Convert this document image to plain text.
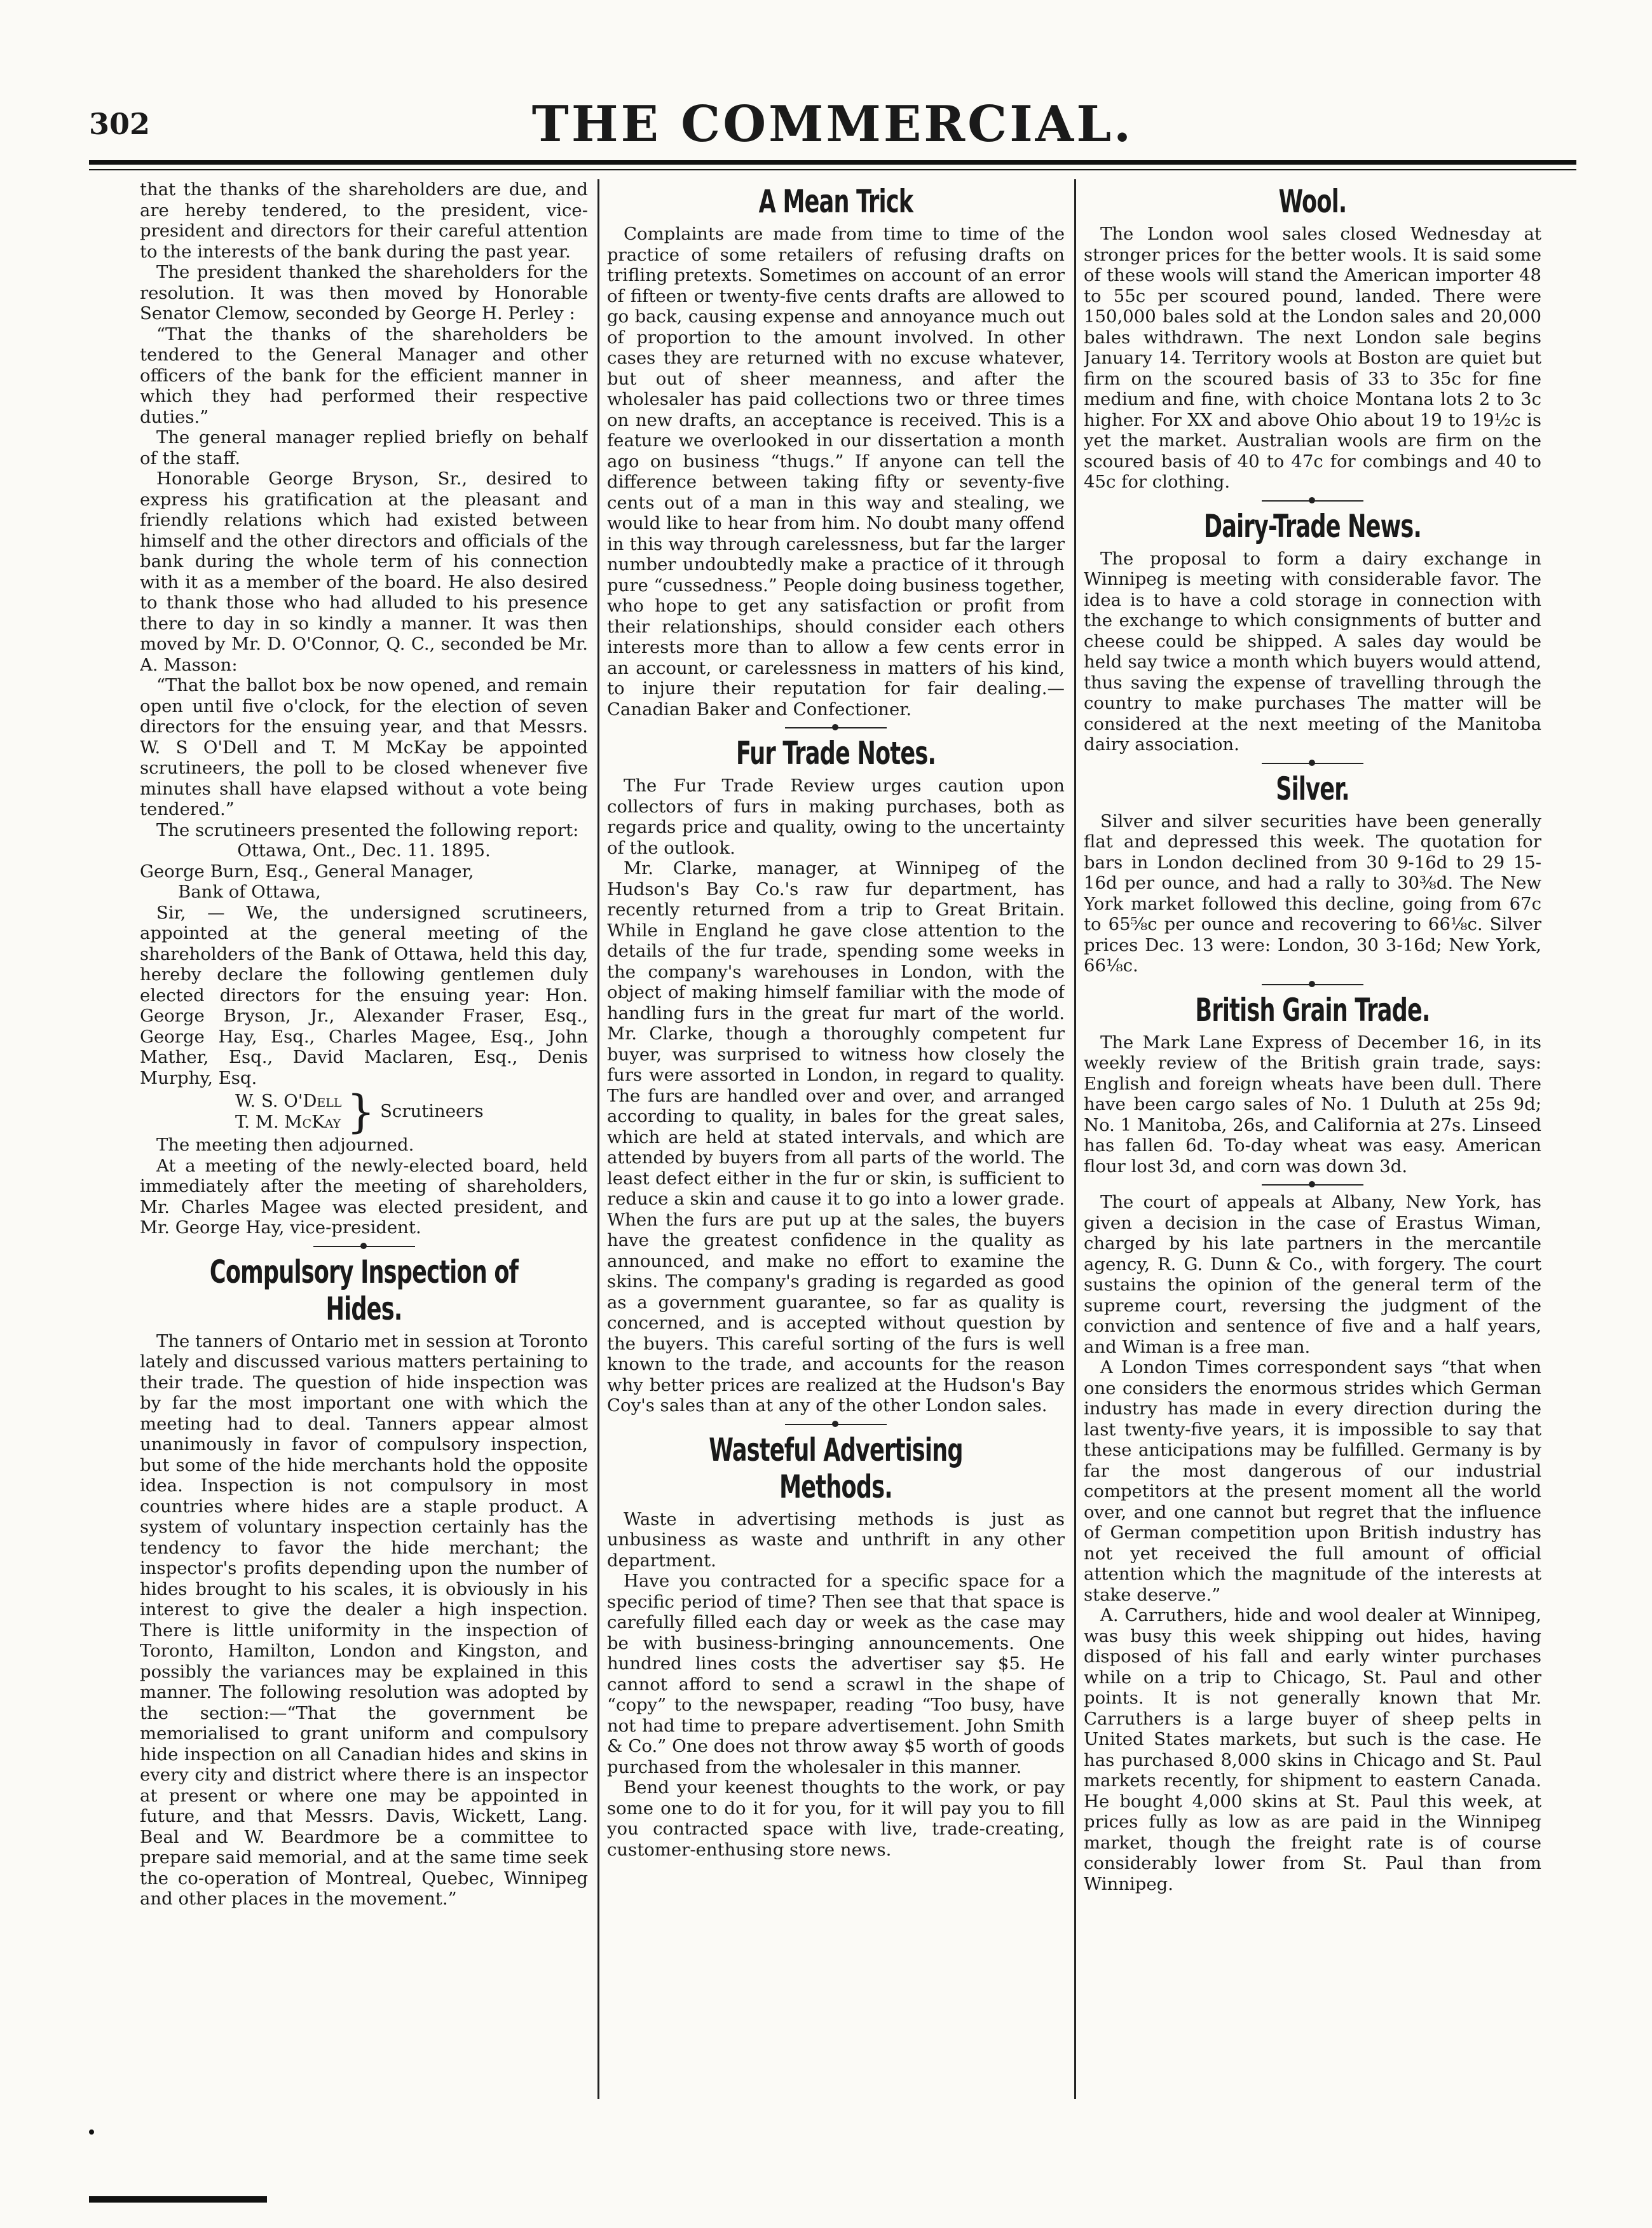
302	THE COMMERCIAL.

that the thanks of the shareholders are due, and are hereby tendered, to the president, vice-president and directors for their careful attention to the interests of the bank during the past year.

The president thanked the shareholders for the resolution. It was then moved by Honorable Senator Clemow, seconded by George H. Perley :

“That the thanks of the shareholders be tendered to the General Manager and other officers of the bank for the efficient manner in which they had performed their respective duties.”

The general manager replied briefly on behalf of the staff.

Honorable George Bryson, Sr., desired to express his gratification at the pleasant and friendly relations which had existed between himself and the other directors and officials of the bank during the whole term of his connection with it as a member of the board. He also desired to thank those who had alluded to his presence there to day in so kindly a manner. It was then moved by Mr. D. O'Connor, Q. C., seconded be Mr. A. Masson:

“That the ballot box be now opened, and remain open until five o'clock, for the election of seven directors for the ensuing year, and that Messrs. W. S O'Dell and T. M McKay be appointed scrutineers, the poll to be closed whenever five minutes shall have elapsed without a vote being tendered.”

The scrutineers presented the following report:

Ottawa, Ont., Dec. 11. 1895.

George Burn, Esq., General Manager,

Bank of Ottawa,

Sir, — We, the undersigned scrutineers, appointed at the general meeting of the shareholders of the Bank of Ottawa, held this day, hereby declare the following gentlemen duly elected directors for the ensuing year: Hon. George Bryson, Jr., Alexander Fraser, Esq., George Hay, Esq., Charles Magee, Esq., John Mather, Esq., David Maclaren, Esq., Denis Murphy, Esq.

W. S. O'Dell
T. M. McKay } Scrutineers

The meeting then adjourned.

At a meeting of the newly-elected board, held immediately after the meeting of shareholders, Mr. Charles Magee was elected president, and Mr. George Hay, vice-president.

Compulsory Inspection of Hides.

The tanners of Ontario met in session at Toronto lately and discussed various matters pertaining to their trade. The question of hide inspection was by far the most important one with which the meeting had to deal. Tanners appear almost unanimously in favor of compulsory inspection, but some of the hide merchants hold the opposite idea. Inspection is not compulsory in most countries where hides are a staple product. A system of voluntary inspection certainly has the tendency to favor the hide merchant; the inspector's profits depending upon the number of hides brought to his scales, it is obviously in his interest to give the dealer a high inspection. There is little uniformity in the inspection of Toronto, Hamilton, London and Kingston, and possibly the variances may be explained in this manner. The following resolution was adopted by the section:—“That the government be memorialised to grant uniform and compulsory hide inspection on all Canadian hides and skins in every city and district where there is an inspector at present or where one may be appointed in future, and that Messrs. Davis, Wickett, Lang. Beal and W. Beardmore be a committee to prepare said memorial, and at the same time seek the co-operation of Montreal, Quebec, Winnipeg and other places in the movement.”

A Mean Trick

Complaints are made from time to time of the practice of some retailers of refusing drafts on trifling pretexts. Sometimes on account of an error of fifteen or twenty-five cents drafts are allowed to go back, causing expense and annoyance much out of proportion to the amount involved. In other cases they are returned with no excuse whatever, but out of sheer meanness, and after the wholesaler has paid collections two or three times on new drafts, an acceptance is received. This is a feature we overlooked in our dissertation a month ago on business “thugs.” If anyone can tell the difference between taking fifty or seventy-five cents out of a man in this way and stealing, we would like to hear from him. No doubt many offend in this way through carelessness, but far the larger number undoubtedly make a practice of it through pure “cussedness.” People doing business together, who hope to get any satisfaction or profit from their relationships, should consider each others interests more than to allow a few cents error in an account, or carelessness in matters of his kind, to injure their reputation for fair dealing.—Canadian Baker and Confectioner.

Fur Trade Notes.

The Fur Trade Review urges caution upon collectors of furs in making purchases, both as regards price and quality, owing to the uncertainty of the outlook.

Mr. Clarke, manager, at Winnipeg of the Hudson's Bay Co.'s raw fur department, has recently returned from a trip to Great Britain. While in England he gave close attention to the details of the fur trade, spending some weeks in the company's warehouses in London, with the object of making himself familiar with the mode of handling furs in the great fur mart of the world. Mr. Clarke, though a thoroughly competent fur buyer, was surprised to witness how closely the furs were assorted in London, in regard to quality. The furs are handled over and over, and arranged according to quality, in bales for the great sales, which are held at stated intervals, and which are attended by buyers from all parts of the world. The least defect either in the fur or skin, is sufficient to reduce a skin and cause it to go into a lower grade. When the furs are put up at the sales, the buyers have the greatest confidence in the quality as announced, and make no effort to examine the skins. The company's grading is regarded as good as a government guarantee, so far as quality is concerned, and is accepted without question by the buyers. This careful sorting of the furs is well known to the trade, and accounts for the reason why better prices are realized at the Hudson's Bay Coy's sales than at any of the other London sales.

Wasteful Advertising Methods.

Waste in advertising methods is just as unbusiness as waste and unthrift in any other department.

Have you contracted for a specific space for a specific period of time? Then see that that space is carefully filled each day or week as the case may be with business-bringing announcements. One hundred lines costs the advertiser say $5. He cannot afford to send a scrawl in the shape of “copy” to the newspaper, reading “Too busy, have not had time to prepare advertisement. John Smith & Co.” One does not throw away $5 worth of goods purchased from the wholesaler in this manner.

Bend your keenest thoughts to the work, or pay some one to do it for you, for it will pay you to fill you contracted space with live, trade-creating, customer-enthusing store news.

Wool.

The London wool sales closed Wednesday at stronger prices for the better wools. It is said some of these wools will stand the American importer 48 to 55c per scoured pound, landed. There were 150,000 bales sold at the London sales and 20,000 bales withdrawn. The next London sale begins January 14. Territory wools at Boston are quiet but firm on the scoured basis of 33 to 35c for fine medium and fine, with choice Montana lots 2 to 3c higher. For XX and above Ohio about 19 to 19½c is yet the market. Australian wools are firm on the scoured basis of 40 to 47c for combings and 40 to 45c for clothing.

Dairy-Trade News.

The proposal to form a dairy exchange in Winnipeg is meeting with considerable favor. The idea is to have a cold storage in connection with the exchange to which consignments of butter and cheese could be shipped. A sales day would be held say twice a month which buyers would attend, thus saving the expense of travelling through the country to make purchases The matter will be considered at the next meeting of the Manitoba dairy association.

Silver.

Silver and silver securities have been generally flat and depressed this week. The quotation for bars in London declined from 30 9-16d to 29 15-16d per ounce, and had a rally to 30⅜d. The New York market followed this decline, going from 67c to 65⅝c per ounce and recovering to 66⅛c. Silver prices Dec. 13 were: London, 30 3-16d; New York, 66⅛c.

British Grain Trade.

The Mark Lane Express of December 16, in its weekly review of the British grain trade, says: English and foreign wheats have been dull. There have been cargo sales of No. 1 Duluth at 25s 9d; No. 1 Manitoba, 26s, and California at 27s. Linseed has fallen 6d. To-day wheat was easy. American flour lost 3d, and corn was down 3d.

The court of appeals at Albany, New York, has given a decision in the case of Erastus Wiman, charged by his late partners in the mercantile agency, R. G. Dunn & Co., with forgery. The court sustains the opinion of the general term of the supreme court, reversing the judgment of the conviction and sentence of five and a half years, and Wiman is a free man.

A London Times correspondent says “that when one considers the enormous strides which German industry has made in every direction during the last twenty-five years, it is impossible to say that these anticipations may be fulfilled. Germany is by far the most dangerous of our industrial competitors at the present moment all the world over, and one cannot but regret that the influence of German competition upon British industry has not yet received the full amount of official attention which the magnitude of the interests at stake deserve.”

A. Carruthers, hide and wool dealer at Winnipeg, was busy this week shipping out hides, having disposed of his fall and early winter purchases while on a trip to Chicago, St. Paul and other points. It is not generally known that Mr. Carruthers is a large buyer of sheep pelts in United States markets, but such is the case. He has purchased 8,000 skins in Chicago and St. Paul markets recently, for shipment to eastern Canada. He bought 4,000 skins at St. Paul this week, at prices fully as low as are paid in the Winnipeg market, though the freight rate is of course considerably lower from St. Paul than from Winnipeg.
